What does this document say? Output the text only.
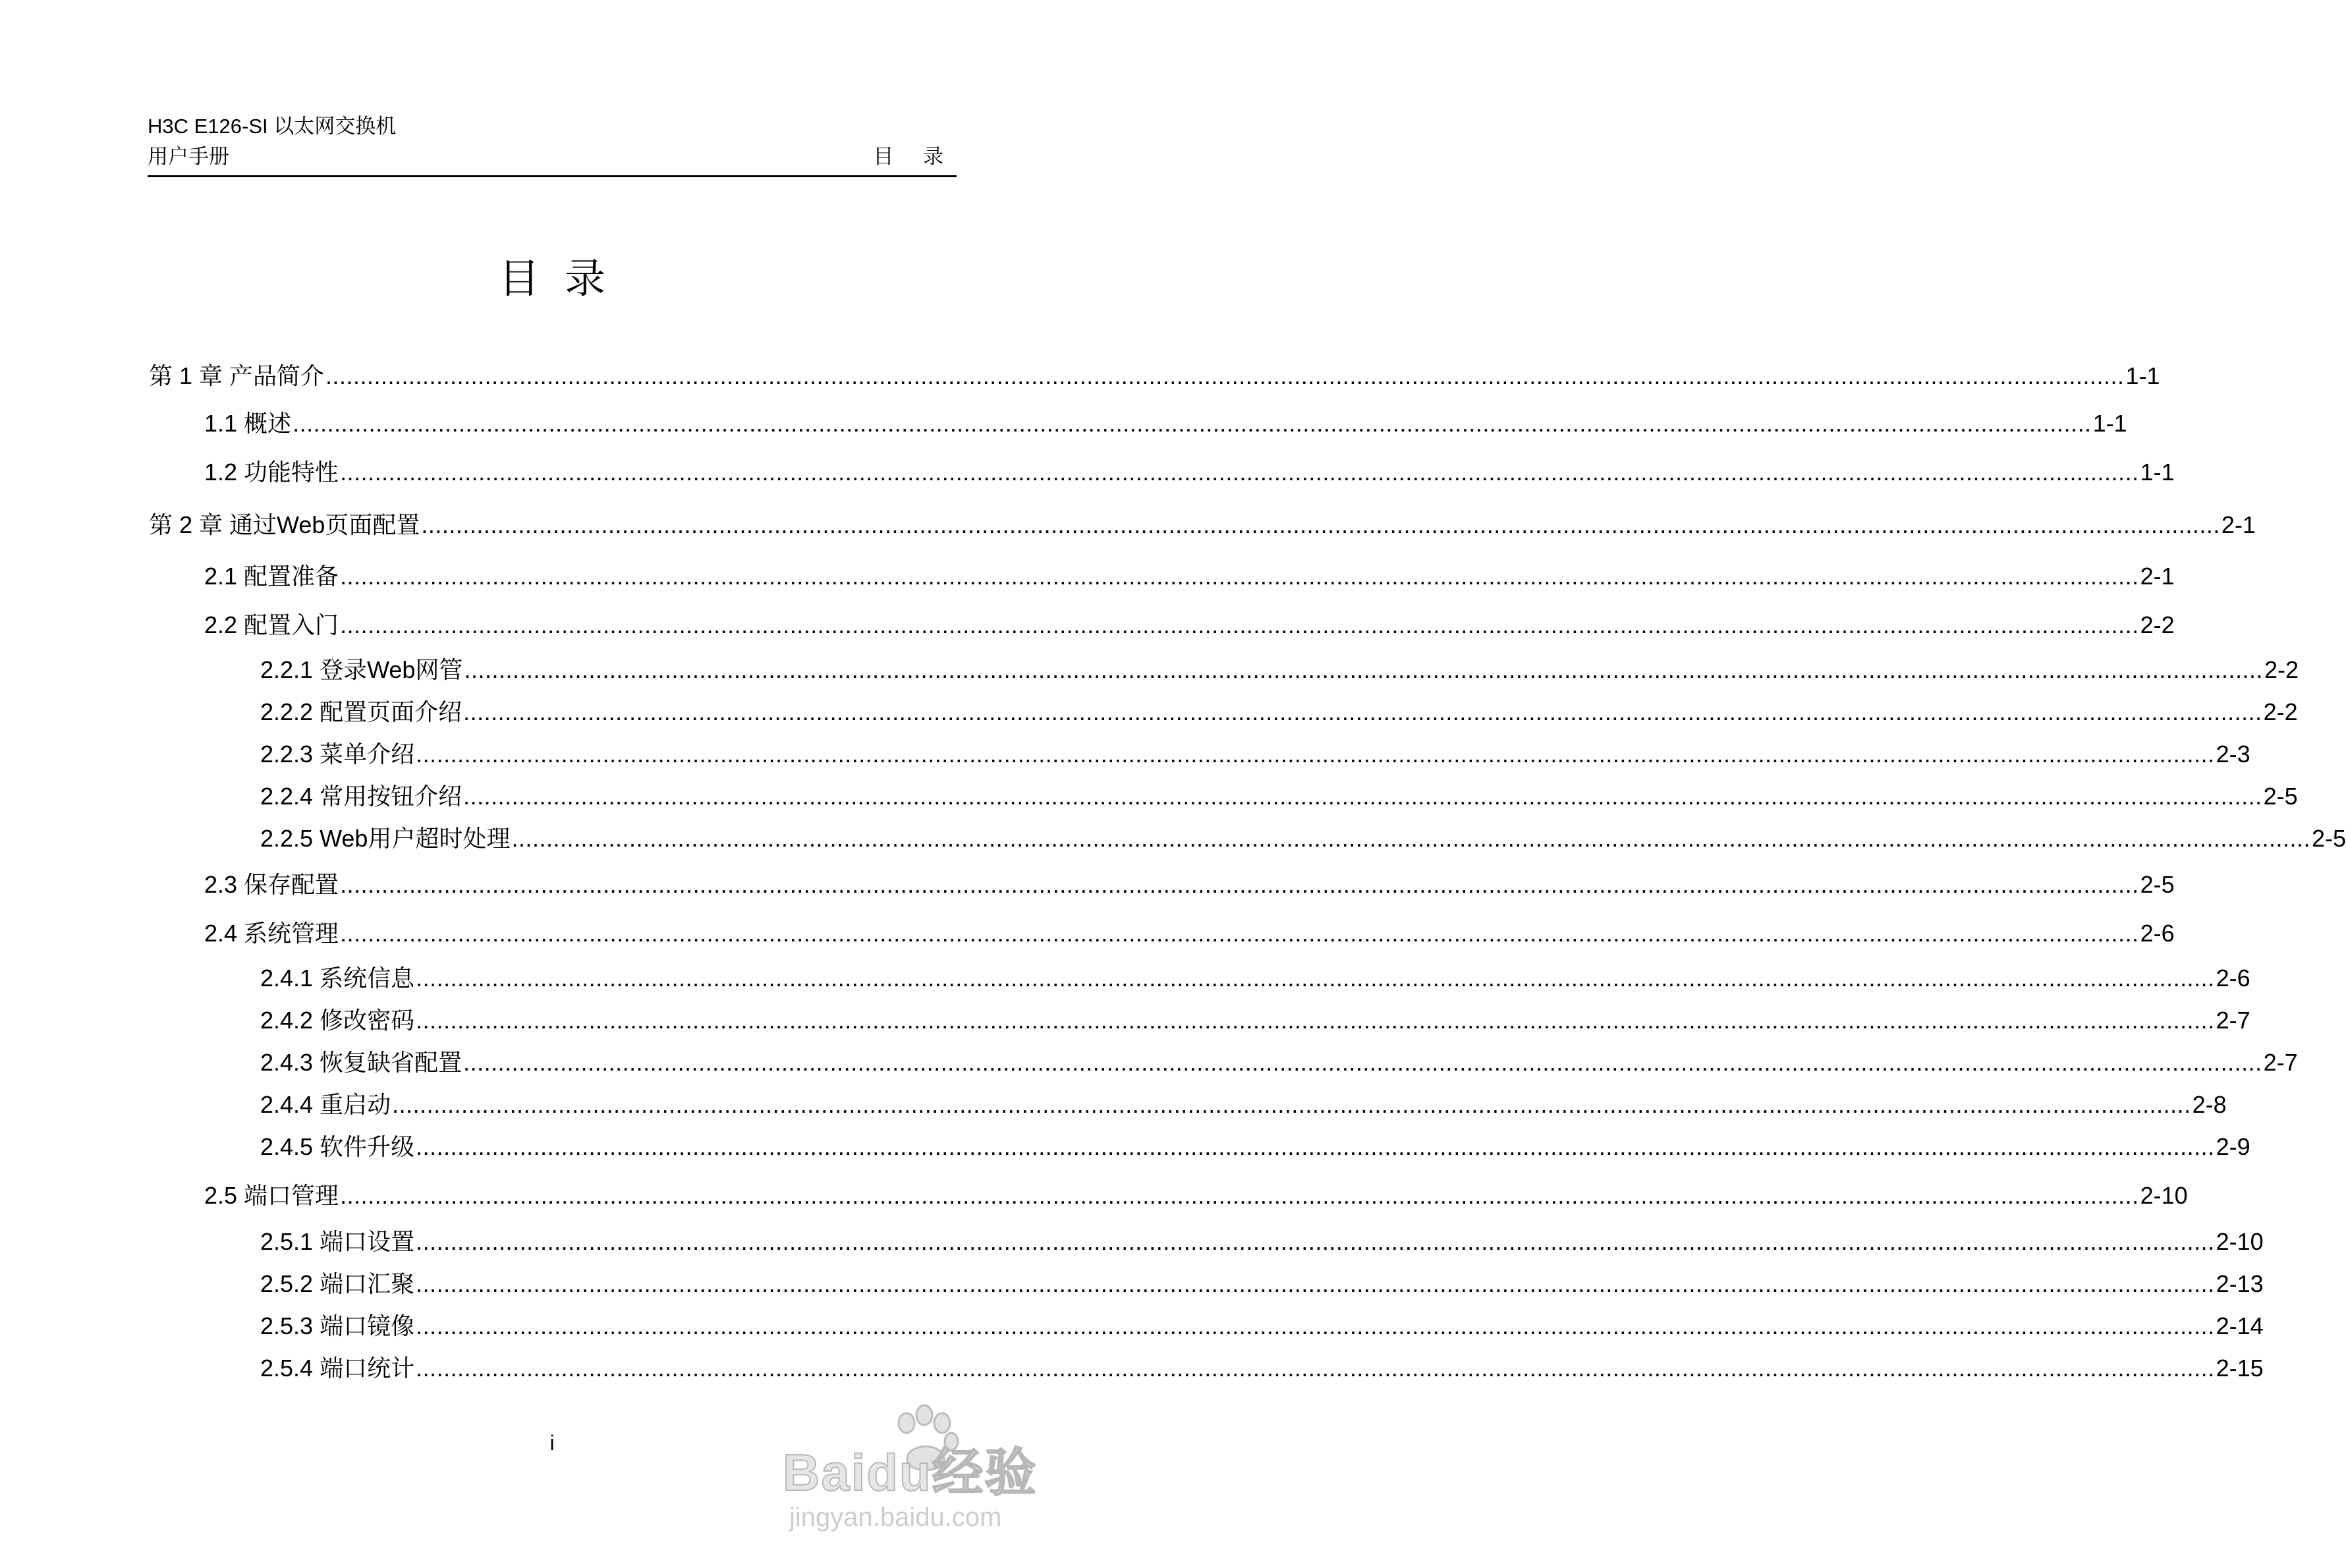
H3C E126-SI 以太网交换机
用户手册	目 录
目录
第 1 章 产品简介 .................................................................................................................................................................................................................................................................... 1-1
1.1 概述 .................................................................................................................................................................................................................................................................... 1-1
1.2 功能特性 .................................................................................................................................................................................................................................................................... 1-1
第 2 章 通过Web页面配置 .................................................................................................................................................................................................................................................................... 2-1
2.1 配置准备 .................................................................................................................................................................................................................................................................... 2-1
2.2 配置入门 .................................................................................................................................................................................................................................................................... 2-2
2.2.1 登录Web网管 .................................................................................................................................................................................................................................................................... 2-2
2.2.2 配置页面介绍 .................................................................................................................................................................................................................................................................... 2-2
2.2.3 菜单介绍 .................................................................................................................................................................................................................................................................... 2-3
2.2.4 常用按钮介绍 .................................................................................................................................................................................................................................................................... 2-5
2.2.5 Web用户超时处理 .................................................................................................................................................................................................................................................................... 2-5
2.3 保存配置 .................................................................................................................................................................................................................................................................... 2-5
2.4 系统管理 .................................................................................................................................................................................................................................................................... 2-6
2.4.1 系统信息 .................................................................................................................................................................................................................................................................... 2-6
2.4.2 修改密码 .................................................................................................................................................................................................................................................................... 2-7
2.4.3 恢复缺省配置 .................................................................................................................................................................................................................................................................... 2-7
2.4.4 重启动 .................................................................................................................................................................................................................................................................... 2-8
2.4.5 软件升级 .................................................................................................................................................................................................................................................................... 2-9
2.5 端口管理 .................................................................................................................................................................................................................................................................... 2-10
2.5.1 端口设置 .................................................................................................................................................................................................................................................................... 2-10
2.5.2 端口汇聚 .................................................................................................................................................................................................................................................................... 2-13
2.5.3 端口镜像 .................................................................................................................................................................................................................................................................... 2-14
2.5.4 端口统计 .................................................................................................................................................................................................................................................................... 2-15
i
Baidu经验
jingyan.baidu.com
